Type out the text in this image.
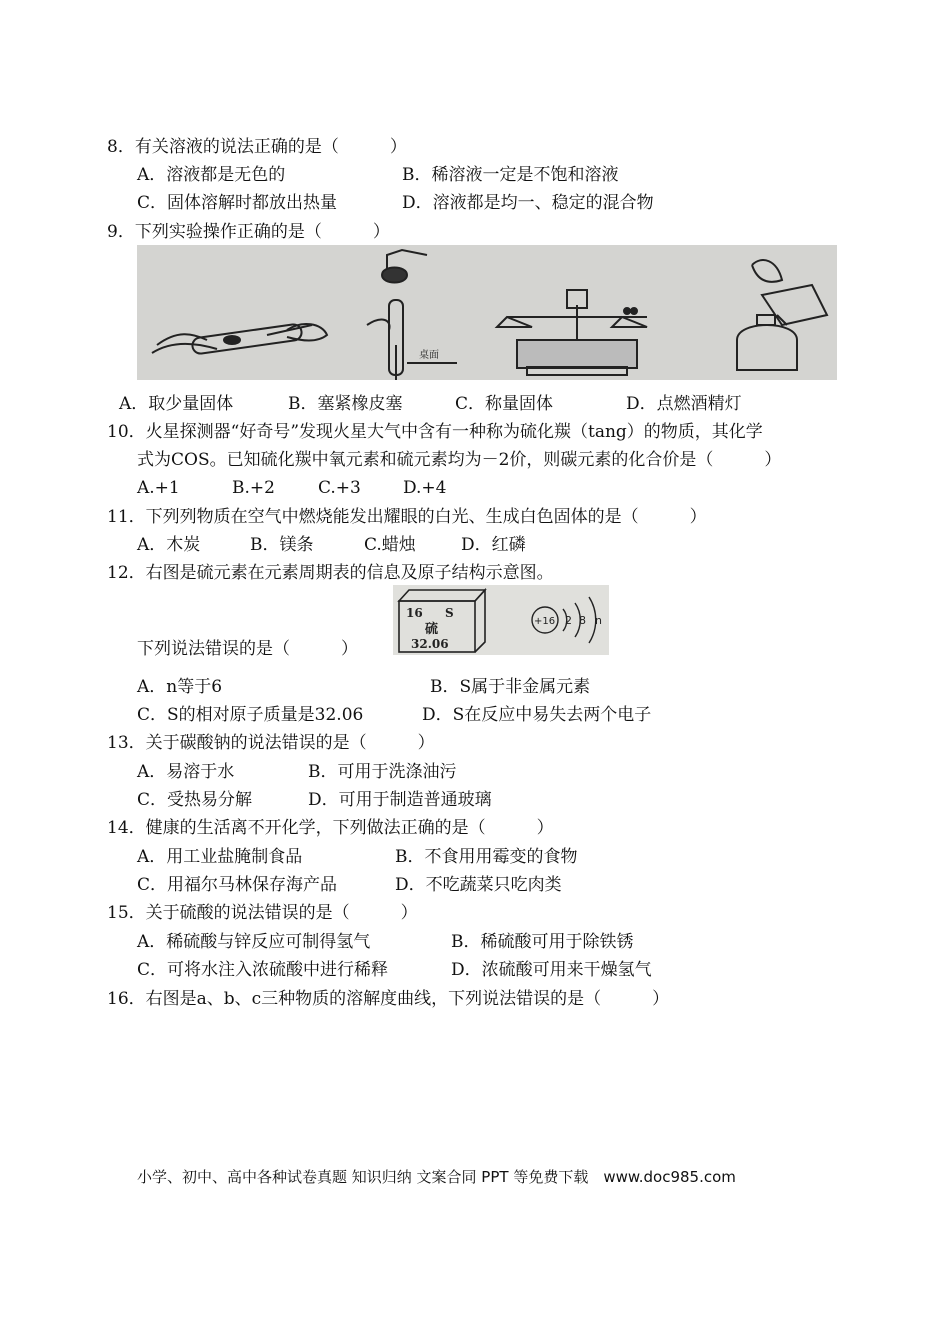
8．有关溶液的说法正确的是（　　　）
A．溶液都是无色的	B．稀溶液一定是不饱和溶液
C．固体溶解时都放出热量	D．溶液都是均一、稳定的混合物
9．下列实验操作正确的是（　　　）
桌面
A．取少量固体	B．塞紧橡皮塞	C．称量固体	D．点燃酒精灯
10．火星探测器“好奇号”发现火星大气中含有一种称为硫化羰（tang）的物质，其化学
式为COS。已知硫化羰中氧元素和硫元素均为－2价，则碳元素的化合价是（　　　）
A.+1	B.+2	C.+3 D.+4
11．下列列物质在空气中燃烧能发出耀眼的白光、生成白色固体的是（　　　）
A．木炭	B．镁条	C.蜡烛	D．红磷
12．右图是硫元素在元素周期表的信息及原子结构示意图。
下列说法错误的是（　　　）
16 S
硫
32.06
+16 2 8 n
A．n等于6	B．S属于非金属元素
C．S的相对原子质量是32.06	D．S在反应中易失去两个电子
13．关于碳酸钠的说法错误的是（　　　）
A．易溶于水	B．可用于洗涤油污
C．受热易分解	D．可用于制造普通玻璃
14．健康的生活离不开化学，下列做法正确的是（　　　）
A．用工业盐腌制食品	B．不食用用霉变的食物
C．用福尔马林保存海产品	D．不吃蔬菜只吃肉类
15．关于硫酸的说法错误的是（　　　）
A．稀硫酸与锌反应可制得氢气	B．稀硫酸可用于除铁锈
C．可将水注入浓硫酸中进行稀释	D．浓硫酸可用来干燥氢气
16．右图是a、b、c三种物质的溶解度曲线，下列说法错误的是（　　　）
小学、初中、高中各种试卷真题 知识归纳 文案合同 PPT 等免费下载　www.doc985.com
